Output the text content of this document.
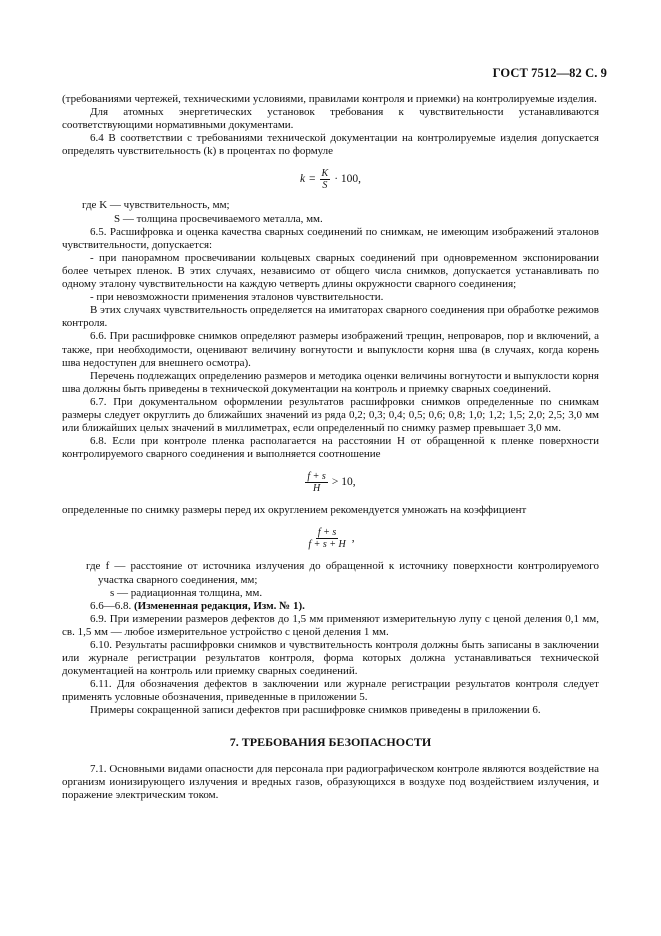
ГОСТ 7512—82 С. 9

(требованиями чертежей, техническими условиями, правилами контроля и приемки) на контролируемые изделия.

Для атомных энергетических установок требования к чувствительности устанавливаются соответствующими нормативными документами.

6.4 В соответствии с требованиями технической документации на контролируемые изделия допускается определять чувствительность (k) в процентах по формуле

$k = \frac{K}{S} \cdot 100$,

где K — чувствительность, мм;

S — толщина просвечиваемого металла, мм.

6.5. Расшифровка и оценка качества сварных соединений по снимкам, не имеющим изображений эталонов чувствительности, допускается:

- при панорамном просвечивании кольцевых сварных соединений при одновременном экспонировании более четырех пленок. В этих случаях, независимо от общего числа снимков, допускается устанавливать по одному эталону чувствительности на каждую четверть длины окружности сварного соединения;

- при невозможности применения эталонов чувствительности.

В этих случаях чувствительность определяется на имитаторах сварного соединения при обработке режимов контроля.

6.6. При расшифровке снимков определяют размеры изображений трещин, непроваров, пор и включений, а также, при необходимости, оценивают величину вогнутости и выпуклости корня шва (в случаях, когда корень шва недоступен для внешнего осмотра).

Перечень подлежащих определению размеров и методика оценки величины вогнутости и выпуклости корня шва должны быть приведены в технической документации на контроль и приемку сварных соединений.

6.7. При документальном оформлении результатов расшифровки снимков определенные по снимкам размеры следует округлить до ближайших значений из ряда 0,2; 0,3; 0,4; 0,5; 0,6; 0,8; 1,0; 1,2; 1,5; 2,0; 2,5; 3,0 мм или ближайших целых значений в миллиметрах, если определенный по снимку размер превышает 3,0 мм.

6.8. Если при контроле пленка располагается на расстоянии H от обращенной к пленке поверхности контролируемого сварного соединения и выполняется соотношение

$\frac{f + s}{H} > 10$,

определенные по снимку размеры перед их округлением рекомендуется умножать на коэффициент

$\frac{f + s}{f + s + H}$ ,

где f — расстояние от источника излучения до обращенной к источнику поверхности контролируемого участка сварного соединения, мм;

s — радиационная толщина, мм.

6.6—6.8. (Измененная редакция, Изм. № 1).

6.9. При измерении размеров дефектов до 1,5 мм применяют измерительную лупу с ценой деления 0,1 мм, св. 1,5 мм — любое измерительное устройство с ценой деления 1 мм.

6.10. Результаты расшифровки снимков и чувствительность контроля должны быть записаны в заключении или журнале регистрации результатов контроля, форма которых должна устанавливаться технической документацией на контроль или приемку сварных соединений.

6.11. Для обозначения дефектов в заключении или журнале регистрации результатов контроля следует применять условные обозначения, приведенные в приложении 5.

Примеры сокращенной записи дефектов при расшифровке снимков приведены в приложении 6.

7. ТРЕБОВАНИЯ БЕЗОПАСНОСТИ

7.1. Основными видами опасности для персонала при радиографическом контроле являются воздействие на организм ионизирующего излучения и вредных газов, образующихся в воздухе под воздействием излучения, и поражение электрическим током.
